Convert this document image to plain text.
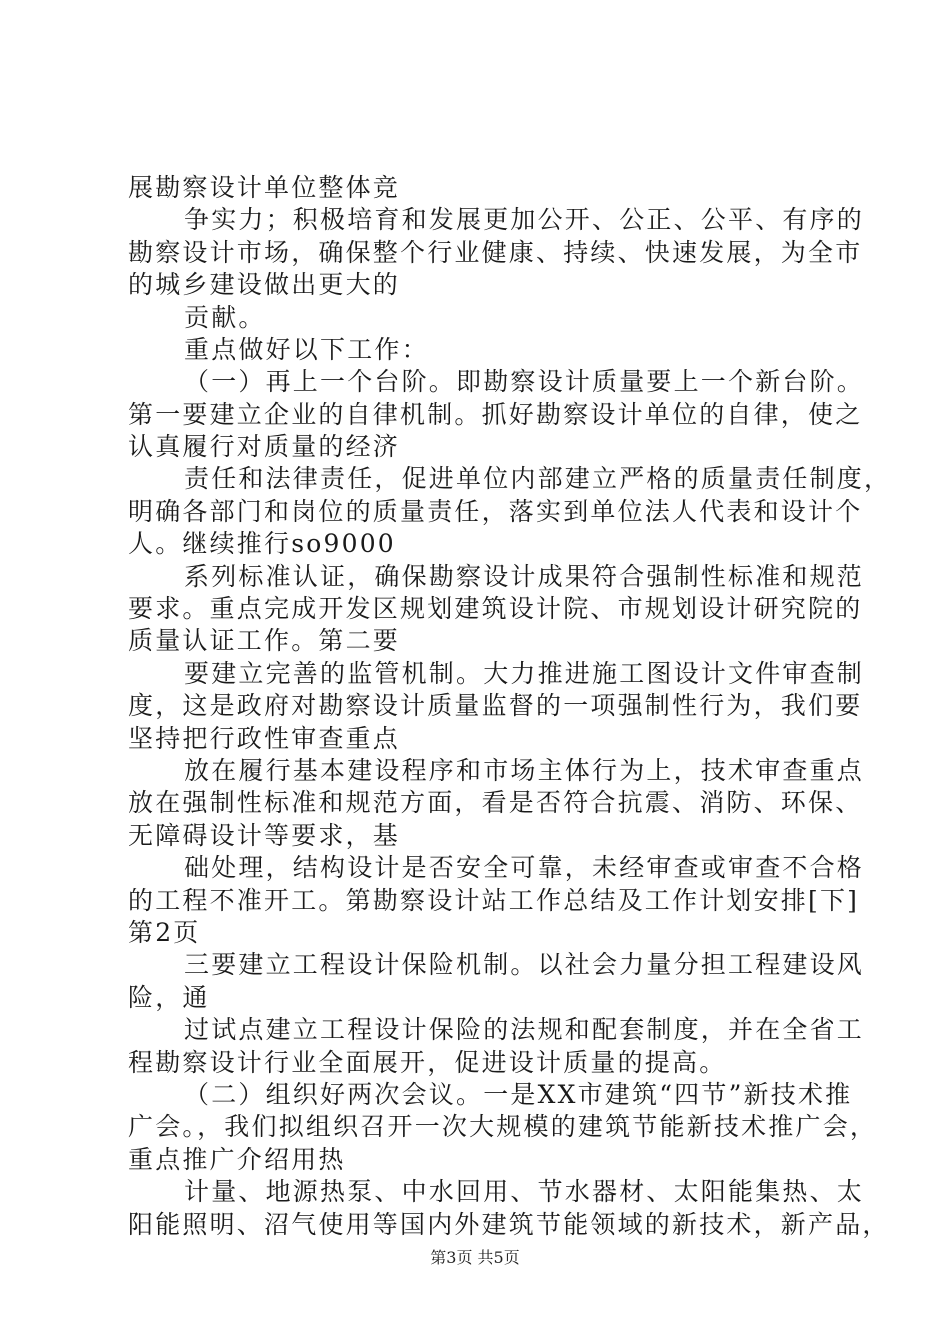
展勘察设计单位整体竞
争实力；积极培育和发展更加公开、公正、公平、有序的
勘察设计市场，确保整个行业健康、持续、快速发展，为全市
的城乡建设做出更大的
贡献。
重点做好以下工作：
（一）再上一个台阶。即勘察设计质量要上一个新台阶。
第一要建立企业的自律机制。抓好勘察设计单位的自律，使之
认真履行对质量的经济
责任和法律责任，促进单位内部建立严格的质量责任制度，
明确各部门和岗位的质量责任，落实到单位法人代表和设计个
人。继续推行so9000
系列标准认证，确保勘察设计成果符合强制性标准和规范
要求。重点完成开发区规划建筑设计院、市规划设计研究院的
质量认证工作。第二要
要建立完善的监管机制。大力推进施工图设计文件审查制
度，这是政府对勘察设计质量监督的一项强制性行为，我们要
坚持把行政性审查重点
放在履行基本建设程序和市场主体行为上，技术审查重点
放在强制性标准和规范方面，看是否符合抗震、消防、环保、
无障碍设计等要求，基
础处理，结构设计是否安全可靠，未经审查或审查不合格
的工程不准开工。第勘察设计站工作总结及工作计划安排[下]
第2页
三要建立工程设计保险机制。以社会力量分担工程建设风
险，通
过试点建立工程设计保险的法规和配套制度，并在全省工
程勘察设计行业全面展开，促进设计质量的提高。
（二）组织好两次会议。一是XX市建筑“四节”新技术推
广会。，我们拟组织召开一次大规模的建筑节能新技术推广会，
重点推广介绍用热
计量、地源热泵、中水回用、节水器材、太阳能集热、太
阳能照明、沼气使用等国内外建筑节能领域的新技术，新产品，
第3页 共5页
